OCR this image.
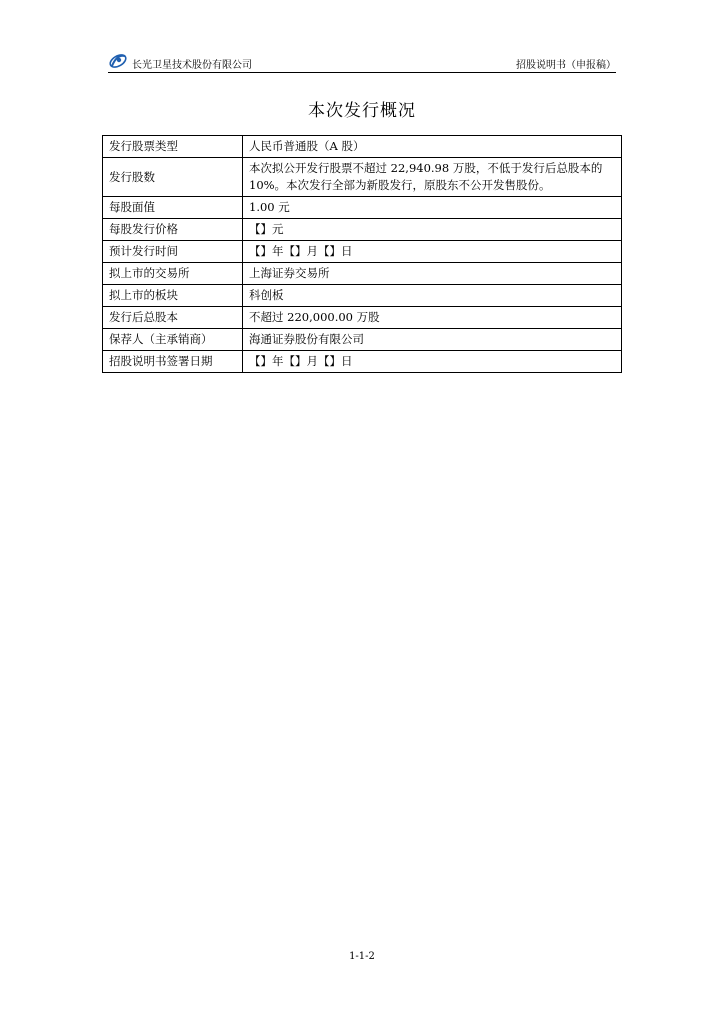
长光卫星技术股份有限公司	招股说明书（申报稿）
本次发行概况
发行股票类型	人民币普通股（A 股）
发行股数	本次拟公开发行股票不超过 22,940.98 万股，不低于发行后总股本的 10%。本次发行全部为新股发行，原股东不公开发售股份。
每股面值	1.00 元
每股发行价格	【】元
预计发行时间	【】年【】月【】日
拟上市的交易所	上海证券交易所
拟上市的板块	科创板
发行后总股本	不超过 220,000.00 万股
保荐人（主承销商）	海通证券股份有限公司
招股说明书签署日期	【】年【】月【】日
1-1-2
